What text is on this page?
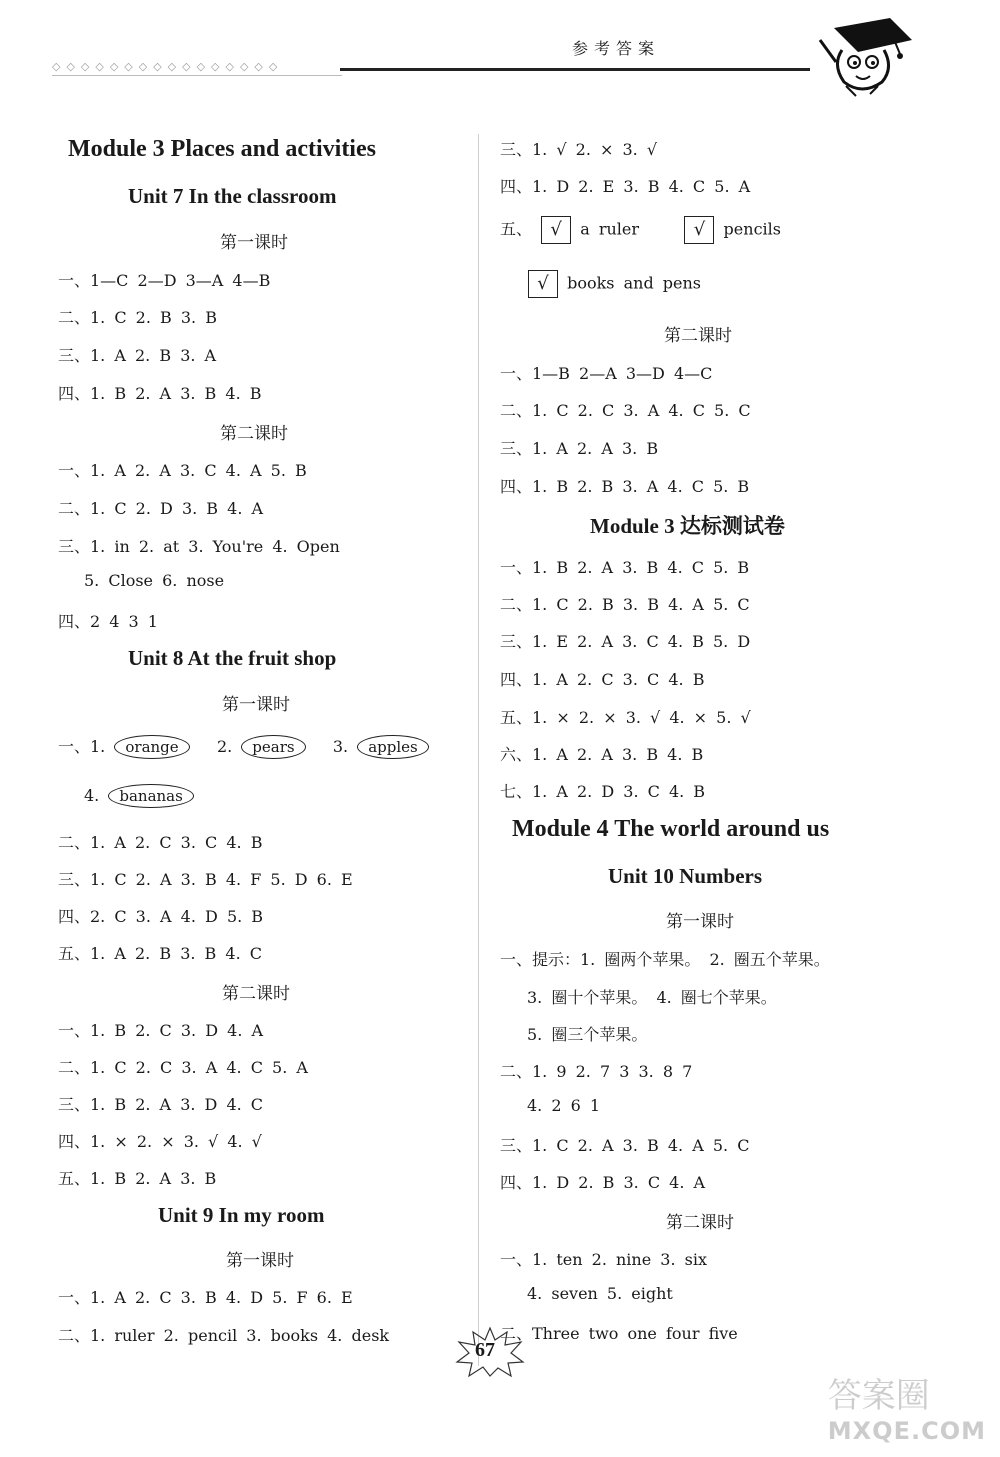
◇◇◇◇◇◇◇◇◇◇◇◇◇◇◇◇
参考答案
Module 3 Places and activities
Unit 7 In the classroom
第一课时
一、1—C 2—D 3—A 4—B
二、1. C 2. B 3. B
三、1. A 2. B 3. A
四、1. B 2. A 3. B 4. B
第二课时
一、1. A 2. A 3. C 4. A 5. B
二、1. C 2. D 3. B 4. A
三、1. in 2. at 3. You're 4. Open
5. Close 6. nose
四、2 4 3 1
Unit 8 At the fruit shop
第一课时
一、1. orange 2. pears 3. apples
4. bananas
二、1. A 2. C 3. C 4. B
三、1. C 2. A 3. B 4. F 5. D 6. E
四、2. C 3. A 4. D 5. B
五、1. A 2. B 3. B 4. C
第二课时
一、1. B 2. C 3. D 4. A
二、1. C 2. C 3. A 4. C 5. A
三、1. B 2. A 3. D 4. C
四、1. × 2. × 3. √ 4. √
五、1. B 2. A 3. B
Unit 9 In my room
第一课时
一、1. A 2. C 3. B 4. D 5. F 6. E
二、1. ruler 2. pencil 3. books 4. desk
三、1. √ 2. × 3. √
四、1. D 2. E 3. B 4. C 5. A
五、 √ a ruler	√ pencils
√ books and pens
第二课时
一、1—B 2—A 3—D 4—C
二、1. C 2. C 3. A 4. C 5. C
三、1. A 2. A 3. B
四、1. B 2. B 3. A 4. C 5. B
Module 3 达标测试卷
一、1. B 2. A 3. B 4. C 5. B
二、1. C 2. B 3. B 4. A 5. C
三、1. E 2. A 3. C 4. B 5. D
四、1. A 2. C 3. C 4. B
五、1. × 2. × 3. √ 4. × 5. √
六、1. A 2. A 3. B 4. B
七、1. A 2. D 3. C 4. B
Module 4 The world around us
Unit 10 Numbers
第一课时
一、提示：1. 圈两个苹果。 2. 圈五个苹果。
3. 圈十个苹果。 4. 圈七个苹果。
5. 圈三个苹果。
二、1. 9 2. 7 3 3. 8 7
4. 2 6 1
三、1. C 2. A 3. B 4. A 5. C
四、1. D 2. B 3. C 4. A
第二课时
一、1. ten 2. nine 3. six
4. seven 5. eight
二、Three two one four five
67
答案圈
MXQE.COM
